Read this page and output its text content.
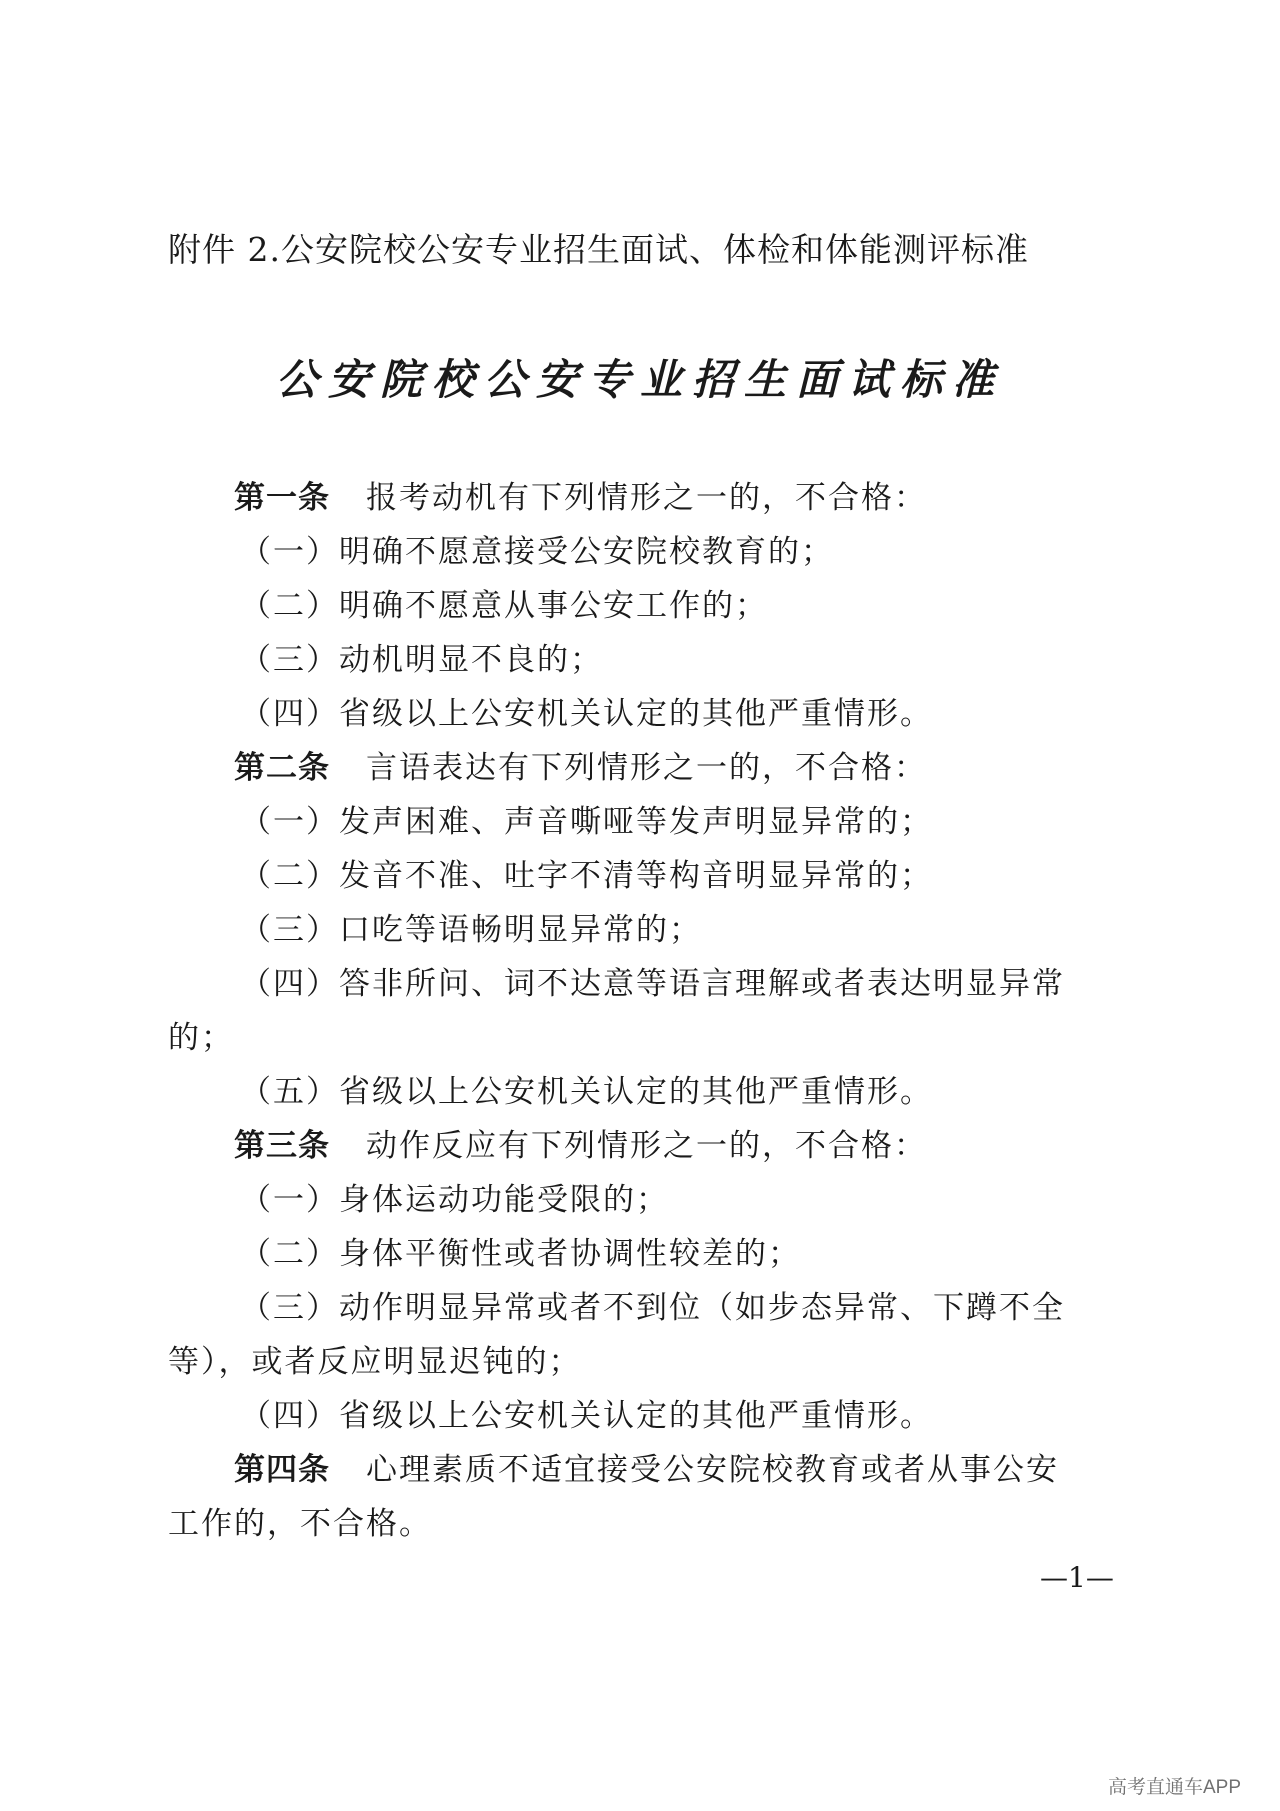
附件 2.公安院校公安专业招生面试、体检和体能测评标准
公安院校公安专业招生面试标准
第一条 报考动机有下列情形之一的，不合格：
（一）明确不愿意接受公安院校教育的；
（二）明确不愿意从事公安工作的；
（三）动机明显不良的；
（四）省级以上公安机关认定的其他严重情形。
第二条 言语表达有下列情形之一的，不合格：
（一）发声困难、声音嘶哑等发声明显异常的；
（二）发音不准、吐字不清等构音明显异常的；
（三）口吃等语畅明显异常的；
（四）答非所问、词不达意等语言理解或者表达明显异常
的；
（五）省级以上公安机关认定的其他严重情形。
第三条 动作反应有下列情形之一的，不合格：
（一）身体运动功能受限的；
（二）身体平衡性或者协调性较差的；
（三）动作明显异常或者不到位（如步态异常、下蹲不全
等），或者反应明显迟钝的；
（四）省级以上公安机关认定的其他严重情形。
第四条 心理素质不适宜接受公安院校教育或者从事公安
工作的，不合格。
—1—
高考直通车APP
